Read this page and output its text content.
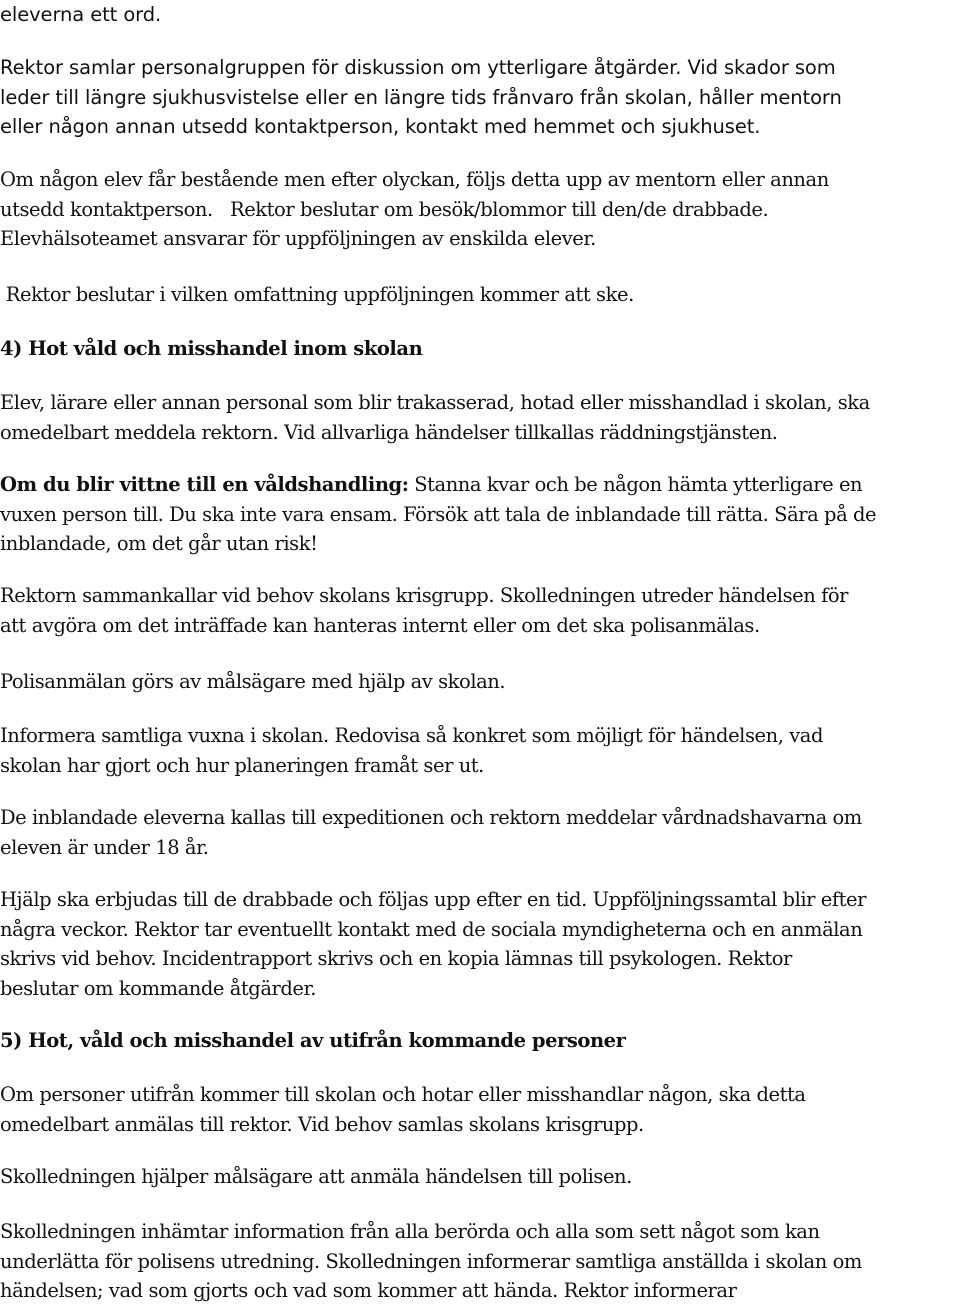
eleverna ett ord.
Rektor samlar personalgruppen för diskussion om ytterligare åtgärder. Vid skador som
leder till längre sjukhusvistelse eller en längre tids frånvaro från skolan, håller mentorn
eller någon annan utsedd kontaktperson, kontakt med hemmet och sjukhuset.
Om någon elev får bestående men efter olyckan, följs detta upp av mentorn eller annan
utsedd kontaktperson.   Rektor beslutar om besök/blommor till den/de drabbade.
Elevhälsoteamet ansvarar för uppföljningen av enskilda elever.
Rektor beslutar i vilken omfattning uppföljningen kommer att ske.
4) Hot våld och misshandel inom skolan
Elev, lärare eller annan personal som blir trakasserad, hotad eller misshandlad i skolan, ska
omedelbart meddela rektorn. Vid allvarliga händelser tillkallas räddningstjänsten.
Om du blir vittne till en våldshandling: Stanna kvar och be någon hämta ytterligare en
vuxen person till. Du ska inte vara ensam. Försök att tala de inblandade till rätta. Sära på de
inblandade, om det går utan risk!
Rektorn sammankallar vid behov skolans krisgrupp. Skolledningen utreder händelsen för
att avgöra om det inträffade kan hanteras internt eller om det ska polisanmälas.
Polisanmälan görs av målsägare med hjälp av skolan.
Informera samtliga vuxna i skolan. Redovisa så konkret som möjligt för händelsen, vad
skolan har gjort och hur planeringen framåt ser ut.
De inblandade eleverna kallas till expeditionen och rektorn meddelar vårdnadshavarna om
eleven är under 18 år.
Hjälp ska erbjudas till de drabbade och följas upp efter en tid. Uppföljningssamtal blir efter
några veckor. Rektor tar eventuellt kontakt med de sociala myndigheterna och en anmälan
skrivs vid behov. Incidentrapport skrivs och en kopia lämnas till psykologen. Rektor
beslutar om kommande åtgärder.
5) Hot, våld och misshandel av utifrån kommande personer
Om personer utifrån kommer till skolan och hotar eller misshandlar någon, ska detta
omedelbart anmälas till rektor. Vid behov samlas skolans krisgrupp.
Skolledningen hjälper målsägare att anmäla händelsen till polisen.
Skolledningen inhämtar information från alla berörda och alla som sett något som kan
underlätta för polisens utredning. Skolledningen informerar samtliga anställda i skolan om
händelsen; vad som gjorts och vad som kommer att hända. Rektor informerar
